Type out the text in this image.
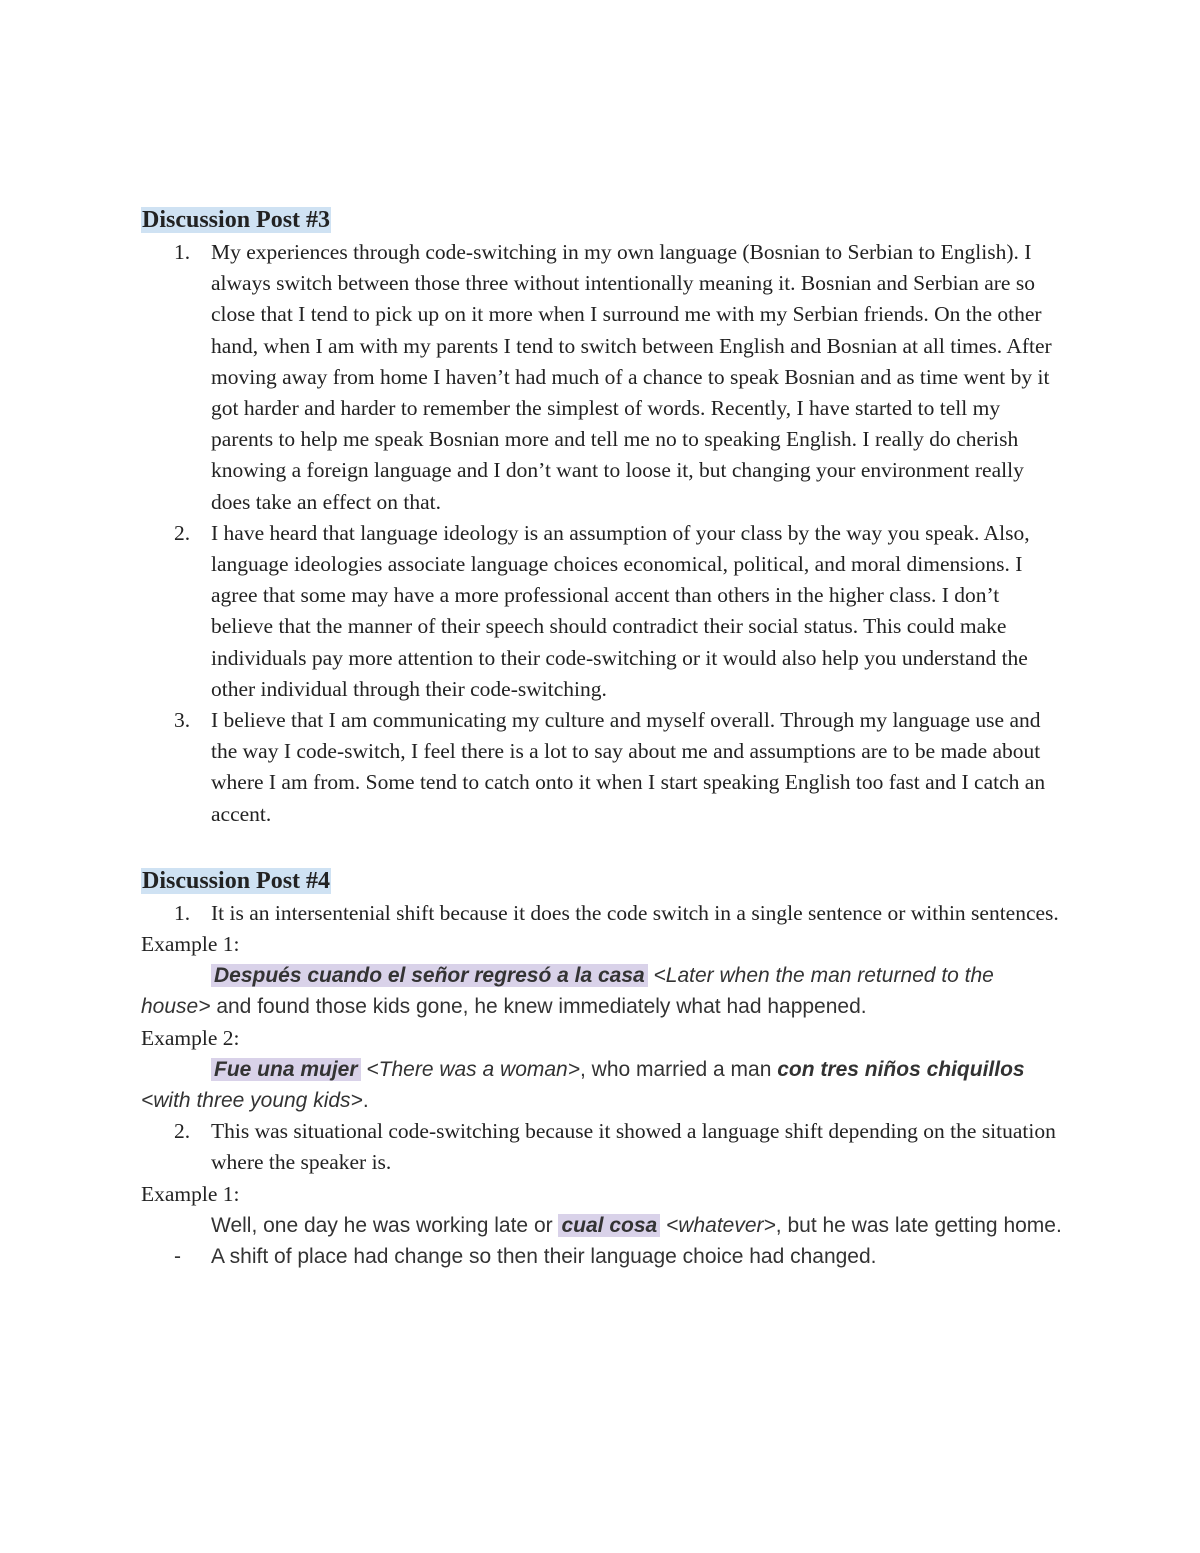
Discussion Post #3
1. My experiences through code-switching in my own language (Bosnian to Serbian to English). I always switch between those three without intentionally meaning it. Bosnian and Serbian are so close that I tend to pick up on it more when I surround me with my Serbian friends. On the other hand, when I am with my parents I tend to switch between English and Bosnian at all times. After moving away from home I haven’t had much of a chance to speak Bosnian and as time went by it got harder and harder to remember the simplest of words. Recently, I have started to tell my parents to help me speak Bosnian more and tell me no to speaking English. I really do cherish knowing a foreign language and I don’t want to loose it, but changing your environment really does take an effect on that.
2. I have heard that language ideology is an assumption of your class by the way you speak. Also, language ideologies associate language choices economical, political, and moral dimensions. I agree that some may have a more professional accent than others in the higher class. I don’t believe that the manner of their speech should contradict their social status. This could make individuals pay more attention to their code-switching or it would also help you understand the other individual through their code-switching.
3. I believe that I am communicating my culture and myself overall. Through my language use and the way I code-switch, I feel there is a lot to say about me and assumptions are to be made about where I am from. Some tend to catch onto it when I start speaking English too fast and I catch an accent.
Discussion Post #4
1. It is an intersentenial shift because it does the code switch in a single sentence or within sentences.
Example 1:
Después cuando el señor regresó a la casa <Later when the man returned to the house> and found those kids gone, he knew immediately what had happened.
Example 2:
Fue una mujer <There was a woman>, who married a man con tres niños chiquillos <with three young kids>.
2. This was situational code-switching because it showed a language shift depending on the situation where the speaker is.
Example 1:
Well, one day he was working late or cual cosa <whatever>, but he was late getting home.
- A shift of place had change so then their language choice had changed.
